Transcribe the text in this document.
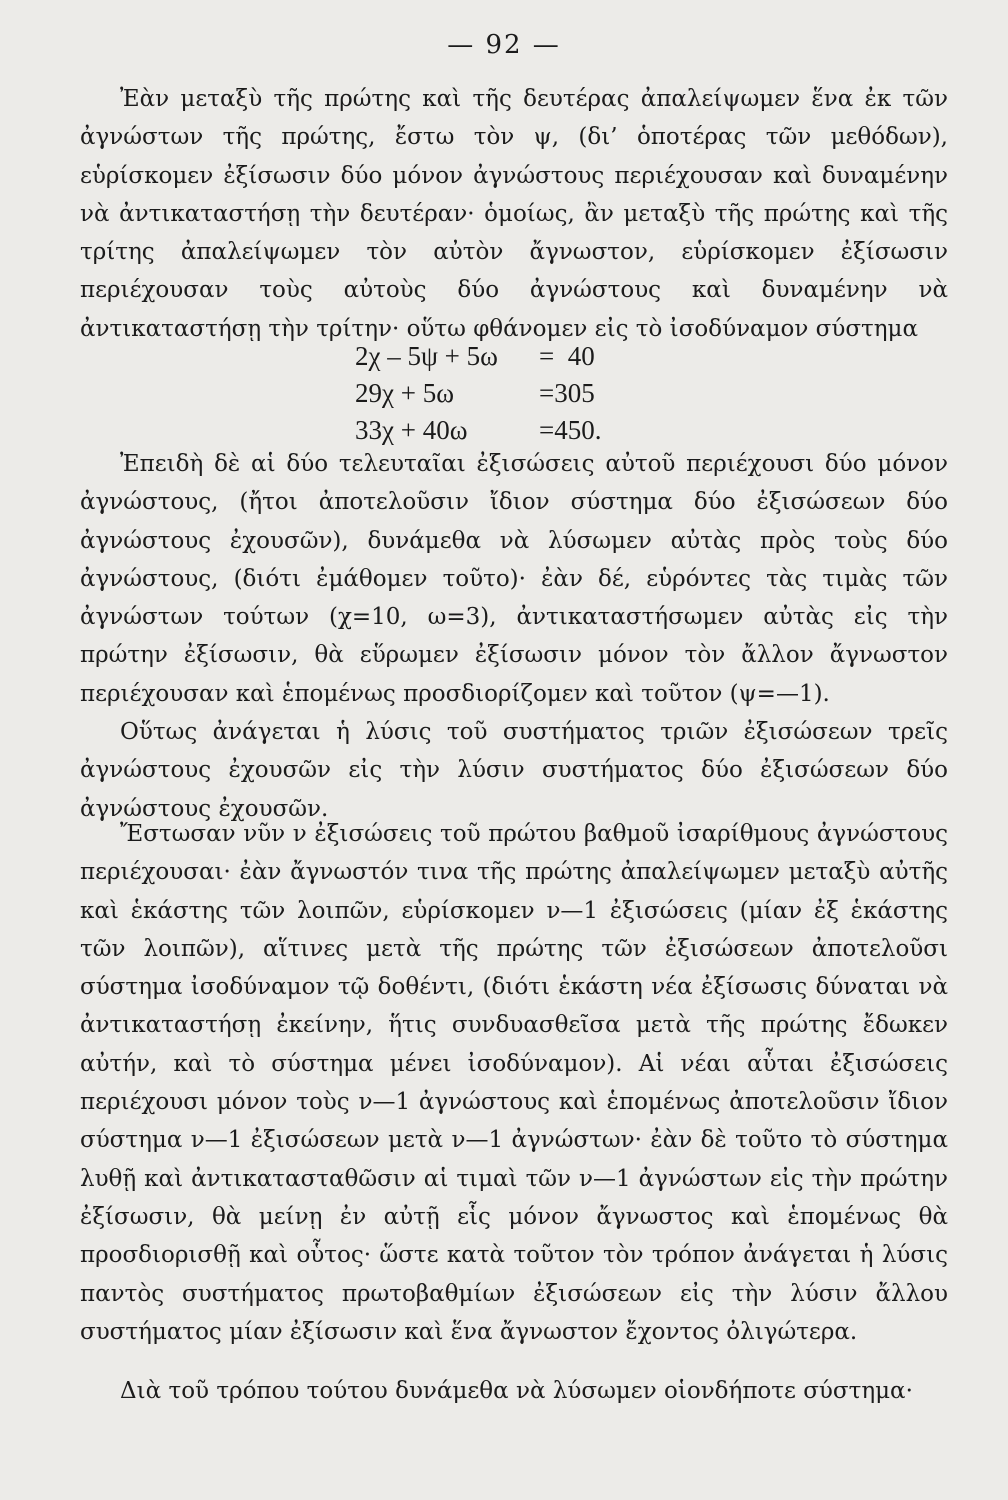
— 92 —

Ἐὰν μεταξὺ τῆς πρώτης καὶ τῆς δευτέρας ἀπαλείψωμεν ἕνα ἐκ τῶν ἀγνώστων τῆς πρώτης, ἔστω τὸν ψ, (δι’ ὁποτέρας τῶν μεθόδων), εὑρίσκομεν ἐξίσωσιν δύο μόνον ἀγνώστους περιέχουσαν καὶ δυναμένην νὰ ἀντικαταστήσῃ τὴν δευτέραν· ὁμοίως, ἂν μεταξὺ τῆς πρώτης καὶ τῆς τρίτης ἀπαλείψωμεν τὸν αὐτὸν ἄγνωστον, εὑρίσκομεν ἐξίσωσιν περιέχουσαν τοὺς αὐτοὺς δύο ἀγνώστους καὶ δυναμένην νὰ ἀντικαταστήσῃ τὴν τρίτην· οὕτω φθάνομεν εἰς τὸ ἰσοδύναμον σύστημα

2χ – 5ψ + 5ω	=  40
29χ + 5ω	=305
33χ + 40ω	=450.

Ἐπειδὴ δὲ αἱ δύο τελευταῖαι ἐξισώσεις αὐτοῦ περιέχουσι δύο μόνον ἀγνώστους, (ἤτοι ἀποτελοῦσιν ἴδιον σύστημα δύο ἐξισώσεων δύο ἀγνώστους ἐχουσῶν), δυνάμεθα νὰ λύσωμεν αὐτὰς πρὸς τοὺς δύο ἀγνώστους, (διότι ἐμάθομεν τοῦτο)· ἐὰν δέ, εὑρόντες τὰς τιμὰς τῶν ἀγνώστων τούτων (χ=10, ω=3), ἀντικαταστήσωμεν αὐτὰς εἰς τὴν πρώτην ἐξίσωσιν, θὰ εὕρωμεν ἐξίσωσιν μόνον τὸν ἄλλον ἄγνωστον περιέχουσαν καὶ ἑπομένως προσδιορίζομεν καὶ τοῦτον (ψ=—1).

Οὕτως ἀνάγεται ἡ λύσις τοῦ συστήματος τριῶν ἐξισώσεων τρεῖς ἀγνώστους ἐχουσῶν εἰς τὴν λύσιν συστήματος δύο ἐξισώσεων δύο ἀγνώστους ἐχουσῶν.

Ἔστωσαν νῦν ν ἐξισώσεις τοῦ πρώτου βαθμοῦ ἰσαρίθμους ἀγνώστους περιέχουσαι· ἐὰν ἄγνωστόν τινα τῆς πρώτης ἀπαλείψωμεν μεταξὺ αὐτῆς καὶ ἑκάστης τῶν λοιπῶν, εὑρίσκομεν ν—1 ἐξισώσεις (μίαν ἐξ ἑκάστης τῶν λοιπῶν), αἵτινες μετὰ τῆς πρώτης τῶν ἐξισώσεων ἀποτελοῦσι σύστημα ἰσοδύναμον τῷ δοθέντι, (διότι ἑκάστη νέα ἐξίσωσις δύναται νὰ ἀντικαταστήσῃ ἐκείνην, ἥτις συνδυασθεῖσα μετὰ τῆς πρώτης ἔδωκεν αὐτήν, καὶ τὸ σύστημα μένει ἰσοδύναμον). Αἱ νέαι αὗται ἐξισώσεις περιέχουσι μόνον τοὺς ν—1 ἀγνώστους καὶ ἑπομένως ἀποτελοῦσιν ἴδιον σύστημα ν—1 ἐξισώσεων μετὰ ν—1 ἀγνώστων· ἐὰν δὲ τοῦτο τὸ σύστημα λυθῇ καὶ ἀντικατασταθῶσιν αἱ τιμαὶ τῶν ν—1 ἀγνώστων εἰς τὴν πρώτην ἐξίσωσιν, θὰ μείνῃ ἐν αὐτῇ εἷς μόνον ἄγνωστος καὶ ἑπομένως θὰ προσδιορισθῇ καὶ οὗτος· ὥστε κατὰ τοῦτον τὸν τρόπον ἀνάγεται ἡ λύσις παντὸς συστήματος πρωτοβαθμίων ἐξισώσεων εἰς τὴν λύσιν ἄλλου συστήματος μίαν ἐξίσωσιν καὶ ἕνα ἄγνωστον ἔχοντος ὀλιγώτερα.

Διὰ τοῦ τρόπου τούτου δυνάμεθα νὰ λύσωμεν οἱονδήποτε σύστημα·
